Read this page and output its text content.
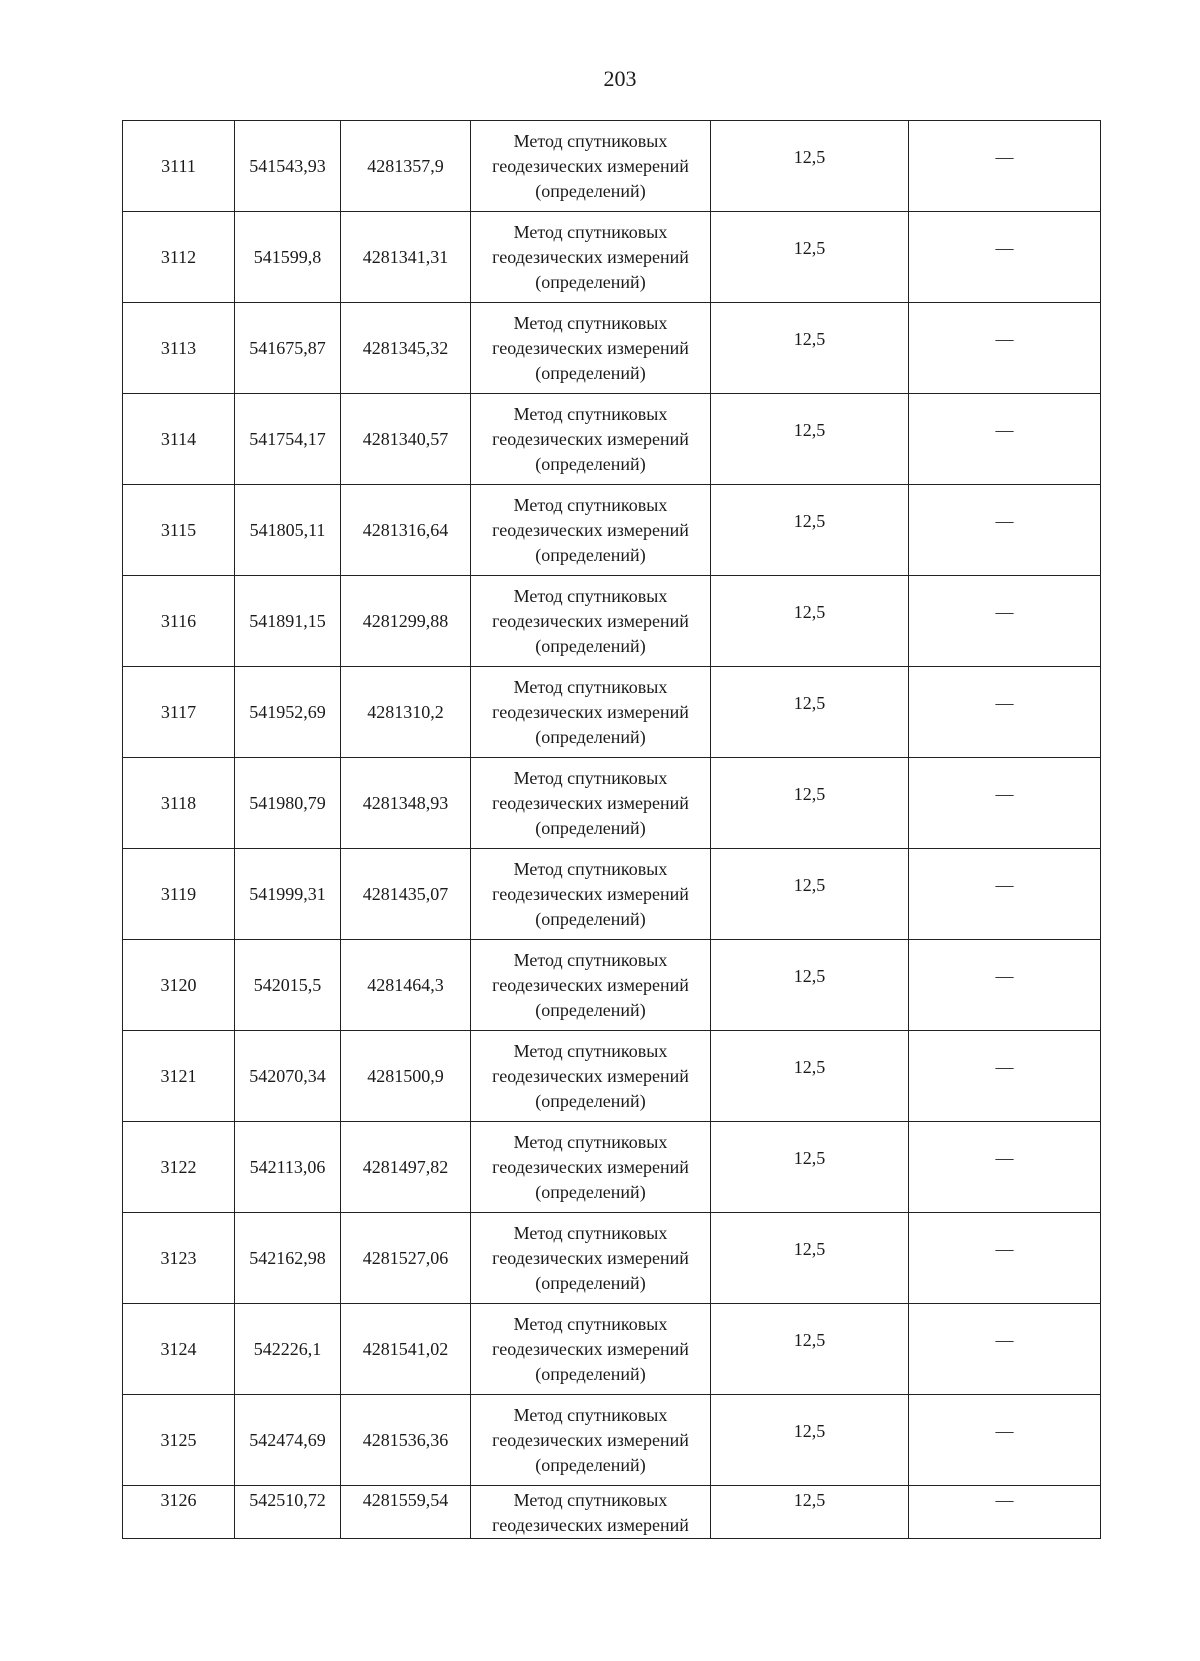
203
3111	541543,93	4281357,9	Метод спутниковых
геодезических измерений
(определений)	12,5	—
3112	541599,8	4281341,31	Метод спутниковых
геодезических измерений
(определений)	12,5	—
3113	541675,87	4281345,32	Метод спутниковых
геодезических измерений
(определений)	12,5	—
3114	541754,17	4281340,57	Метод спутниковых
геодезических измерений
(определений)	12,5	—
3115	541805,11	4281316,64	Метод спутниковых
геодезических измерений
(определений)	12,5	—
3116	541891,15	4281299,88	Метод спутниковых
геодезических измерений
(определений)	12,5	—
3117	541952,69	4281310,2	Метод спутниковых
геодезических измерений
(определений)	12,5	—
3118	541980,79	4281348,93	Метод спутниковых
геодезических измерений
(определений)	12,5	—
3119	541999,31	4281435,07	Метод спутниковых
геодезических измерений
(определений)	12,5	—
3120	542015,5	4281464,3	Метод спутниковых
геодезических измерений
(определений)	12,5	—
3121	542070,34	4281500,9	Метод спутниковых
геодезических измерений
(определений)	12,5	—
3122	542113,06	4281497,82	Метод спутниковых
геодезических измерений
(определений)	12,5	—
3123	542162,98	4281527,06	Метод спутниковых
геодезических измерений
(определений)	12,5	—
3124	542226,1	4281541,02	Метод спутниковых
геодезических измерений
(определений)	12,5	—
3125	542474,69	4281536,36	Метод спутниковых
геодезических измерений
(определений)	12,5	—
3126	542510,72	4281559,54	Метод спутниковых
геодезических измерений	12,5	—
